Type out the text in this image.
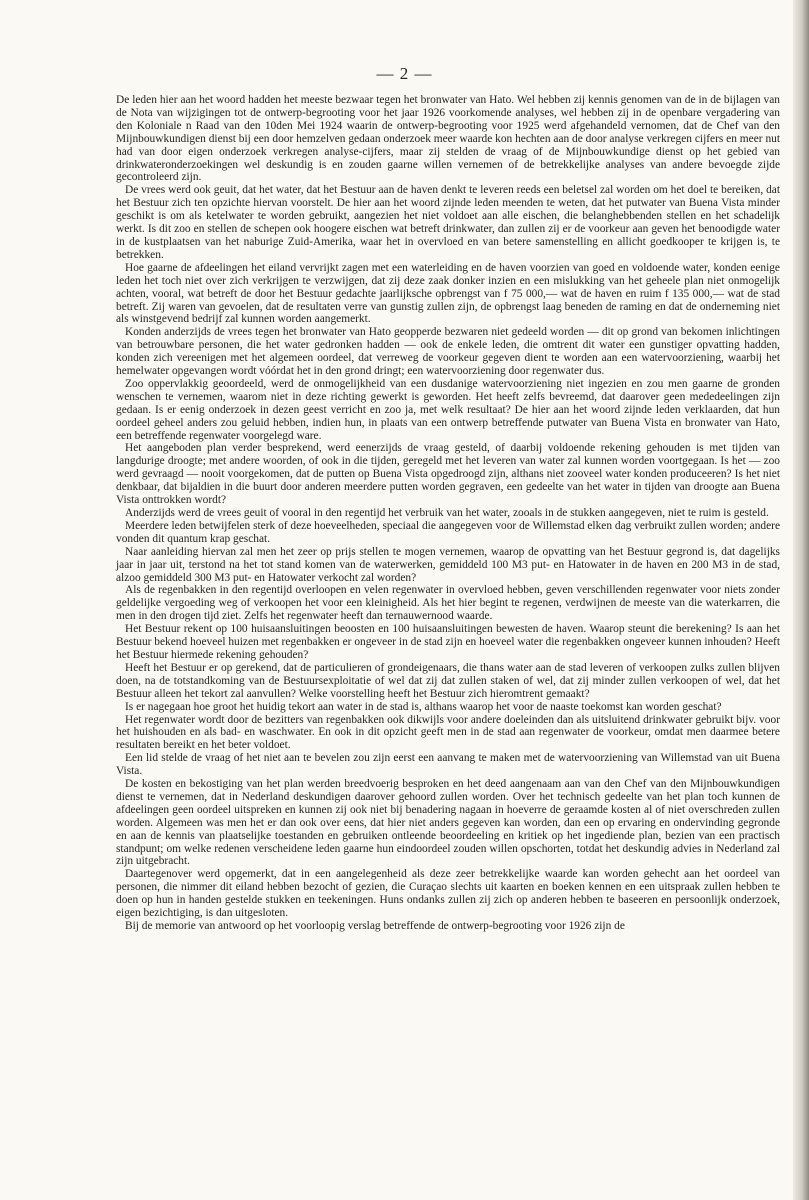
— 2 —

De leden hier aan het woord hadden het meeste bezwaar tegen het bronwater van Hato. Wel hebben zij kennis genomen van de in de bijlagen van de Nota van wijzigingen tot de ontwerp-begrooting voor het jaar 1926 voorkomende analyses, wel hebben zij in de openbare vergadering van den Koloniale n Raad van den 10den Mei 1924 waarin de ontwerp-begrooting voor 1925 werd afgehandeld vernomen, dat de Chef van den Mijnbouwkundigen dienst bij een door hemzelven gedaan onderzoek meer waarde kon hechten aan de door analyse verkregen cijfers en meer nut had van door eigen onderzoek verkregen analyse-cijfers, maar zij stelden de vraag of de Mijnbouwkundige dienst op het gebied van drinkwateronderzoekingen wel deskundig is en zouden gaarne willen vernemen of de betrekkelijke analyses van andere bevoegde zijde gecontroleerd zijn.

De vrees werd ook geuit, dat het water, dat het Bestuur aan de haven denkt te leveren reeds een beletsel zal worden om het doel te bereiken, dat het Bestuur zich ten opzichte hiervan voorstelt. De hier aan het woord zijnde leden meenden te weten, dat het putwater van Buena Vista minder geschikt is om als ketelwater te worden gebruikt, aangezien het niet voldoet aan alle eischen, die belanghebbenden stellen en het schadelijk werkt. Is dit zoo en stellen de schepen ook hoogere eischen wat betreft drinkwater, dan zullen zij er de voorkeur aan geven het benoodigde water in de kustplaatsen van het naburige Zuid-Amerika, waar het in overvloed en van betere samenstelling en allicht goedkooper te krijgen is, te betrekken.

Hoe gaarne de afdeelingen het eiland vervrijkt zagen met een waterleiding en de haven voorzien van goed en voldoende water, konden eenige leden het toch niet over zich verkrijgen te verzwijgen, dat zij deze zaak donker inzien en een mislukking van het geheele plan niet onmogelijk achten, vooral, wat betreft de door het Bestuur gedachte jaarlijksche opbrengst van f 75 000,— wat de haven en ruim f 135 000,— wat de stad betreft. Zij waren van gevoelen, dat de resultaten verre van gunstig zullen zijn, de opbrengst laag beneden de raming en dat de onderneming niet als winstgevend bedrijf zal kunnen worden aangemerkt.

Konden anderzijds de vrees tegen het bronwater van Hato geopperde bezwaren niet gedeeld worden — dit op grond van bekomen inlichtingen van betrouwbare personen, die het water gedronken hadden — ook de enkele leden, die omtrent dit water een gunstiger opvatting hadden, konden zich vereenigen met het algemeen oordeel, dat verreweg de voorkeur gegeven dient te worden aan een watervoorziening, waarbij het hemelwater opgevangen wordt vóórdat het in den grond dringt; een watervoorziening door regenwater dus.

Zoo oppervlakkig geoordeeld, werd de onmogelijkheid van een dusdanige watervoorziening niet ingezien en zou men gaarne de gronden wenschen te vernemen, waarom niet in deze richting gewerkt is geworden. Het heeft zelfs bevreemd, dat daarover geen mededeelingen zijn gedaan. Is er eenig onderzoek in dezen geest verricht en zoo ja, met welk resultaat? De hier aan het woord zijnde leden verklaarden, dat hun oordeel geheel anders zou geluid hebben, indien hun, in plaats van een ontwerp betreffende putwater van Buena Vista en bronwater van Hato, een betreffende regenwater voorgelegd ware.

Het aangeboden plan verder besprekend, werd eenerzijds de vraag gesteld, of daarbij voldoende rekening gehouden is met tijden van langdurige droogte; met andere woorden, of ook in die tijden, geregeld met het leveren van water zal kunnen worden voortgegaan. Is het — zoo werd gevraagd — nooit voorgekomen, dat de putten op Buena Vista opgedroogd zijn, althans niet zooveel water konden produceeren? Is het niet denkbaar, dat bijaldien in die buurt door anderen meerdere putten worden gegraven, een gedeelte van het water in tijden van droogte aan Buena Vista onttrokken wordt?

Anderzijds werd de vrees geuit of vooral in den regentijd het verbruik van het water, zooals in de stukken aangegeven, niet te ruim is gesteld.

Meerdere leden betwijfelen sterk of deze hoeveelheden, speciaal die aangegeven voor de Willemstad elken dag verbruikt zullen worden; andere vonden dit quantum krap geschat.

Naar aanleiding hiervan zal men het zeer op prijs stellen te mogen vernemen, waarop de opvatting van het Bestuur gegrond is, dat dagelijks jaar in jaar uit, terstond na het tot stand komen van de waterwerken, gemiddeld 100 M3 put- en Hatowater in de haven en 200 M3 in de stad, alzoo gemiddeld 300 M3 put- en Hatowater verkocht zal worden?

Als de regenbakken in den regentijd overloopen en velen regenwater in overvloed hebben, geven verschillenden regenwater voor niets zonder geldelijke vergoeding weg of verkoopen het voor een kleinigheid. Als het hier begint te regenen, verdwijnen de meeste van die waterkarren, die men in den drogen tijd ziet. Zelfs het regenwater heeft dan ternauwernood waarde.

Het Bestuur rekent op 100 huisaansluitingen beoosten en 100 huisaansluitingen bewesten de haven. Waarop steunt die berekening? Is aan het Bestuur bekend hoeveel huizen met regenbakken er ongeveer in de stad zijn en hoeveel water die regenbakken ongeveer kunnen inhouden? Heeft het Bestuur hiermede rekening gehouden?

Heeft het Bestuur er op gerekend, dat de particulieren of grondeigenaars, die thans water aan de stad leveren of verkoopen zulks zullen blijven doen, na de totstandkoming van de Bestuursexploitatie of wel dat zij dat zullen staken of wel, dat zij minder zullen verkoopen of wel, dat het Bestuur alleen het tekort zal aanvullen? Welke voorstelling heeft het Bestuur zich hieromtrent gemaakt?

Is er nagegaan hoe groot het huidig tekort aan water in de stad is, althans waarop het voor de naaste toekomst kan worden geschat?

Het regenwater wordt door de bezitters van regenbakken ook dikwijls voor andere doeleinden dan als uitsluitend drinkwater gebruikt bijv. voor het huishouden en als bad- en waschwater. En ook in dit opzicht geeft men in de stad aan regenwater de voorkeur, omdat men daarmee betere resultaten bereikt en het beter voldoet.

Een lid stelde de vraag of het niet aan te bevelen zou zijn eerst een aanvang te maken met de watervoorziening van Willemstad van uit Buena Vista.

De kosten en bekostiging van het plan werden breedvoerig besproken en het deed aangenaam aan van den Chef van den Mijnbouwkundigen dienst te vernemen, dat in Nederland deskundigen daarover gehoord zullen worden. Over het technisch gedeelte van het plan toch kunnen de afdeelingen geen oordeel uitspreken en kunnen zij ook niet bij benadering nagaan in hoeverre de geraamde kosten al of niet overschreden zullen worden. Algemeen was men het er dan ook over eens, dat hier niet anders gegeven kan worden, dan een op ervaring en ondervinding gegronde en aan de kennis van plaatselijke toestanden en gebruiken ontleende beoordeeling en kritiek op het ingediende plan, bezien van een practisch standpunt; om welke redenen verscheidene leden gaarne hun eindoordeel zouden willen opschorten, totdat het deskundig advies in Nederland zal zijn uitgebracht.

Daartegenover werd opgemerkt, dat in een aangelegenheid als deze zeer betrekkelijke waarde kan worden gehecht aan het oordeel van personen, die nimmer dit eiland hebben bezocht of gezien, die Curaçao slechts uit kaarten en boeken kennen en een uitspraak zullen hebben te doen op hun in handen gestelde stukken en teekeningen. Huns ondanks zullen zij zich op anderen hebben te baseeren en persoonlijk onderzoek, eigen bezichtiging, is dan uitgesloten.

Bij de memorie van antwoord op het voorloopig verslag betreffende de ontwerp-begrooting voor 1926 zijn de
